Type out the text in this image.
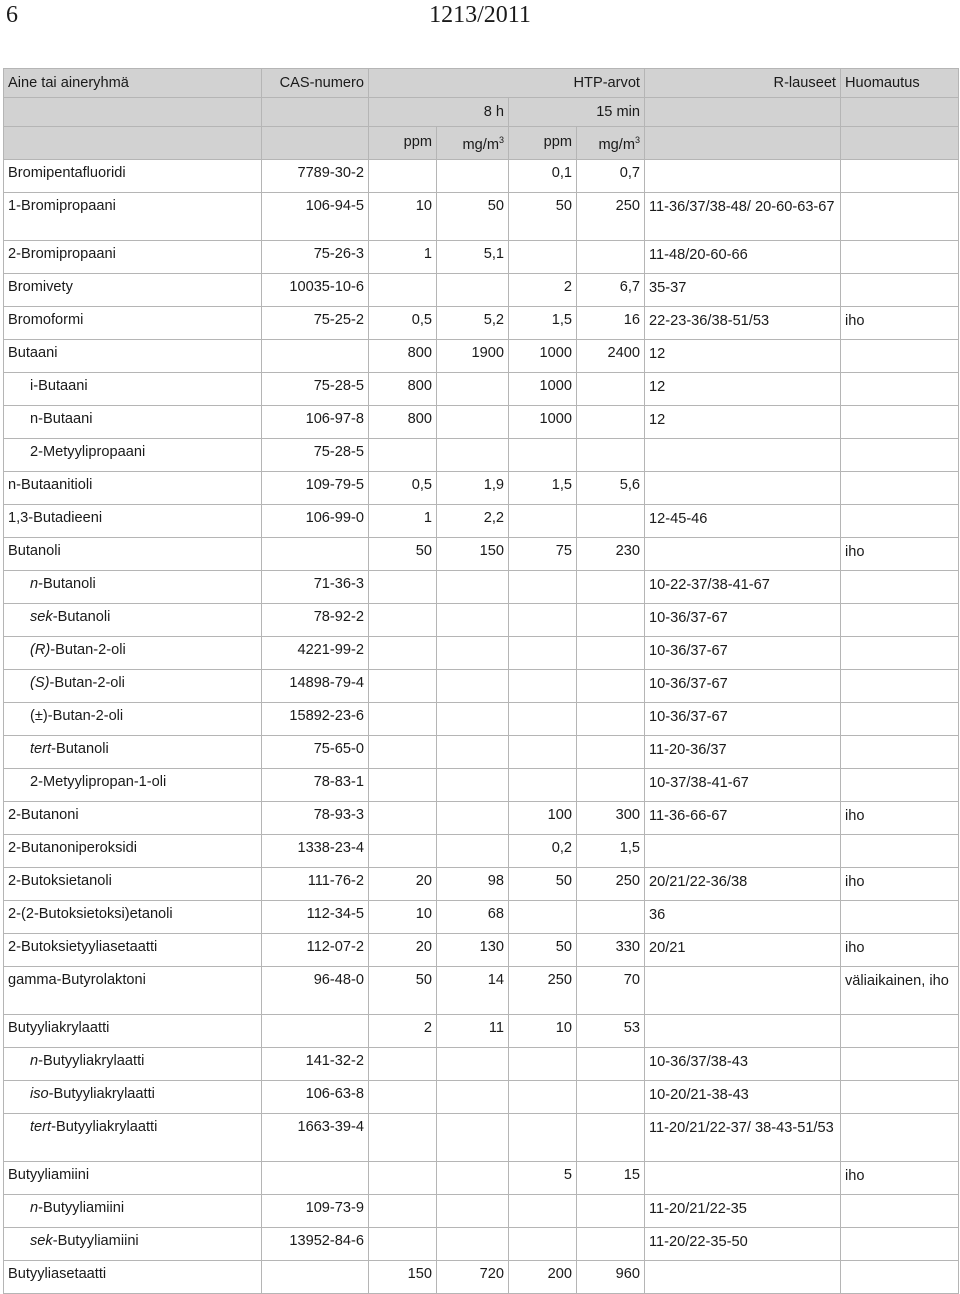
6	1213/2011
Aine tai aineryhmä	CAS-numero	HTP-arvot				R-lauseet	Huomautus
		8 h		15 min			
		ppm	$mg/m^3$	ppm	$mg/m^3$		
Bromipentafluoridi	7789-30-2			0,1	0,7		
1-Bromipropaani	106-94-5	10	50	50	250	11-36/37/38-48/ 20-60-63-67	
2-Bromipropaani	75-26-3	1	5,1			11-48/20-60-66	
Bromivety	10035-10-6			2	6,7	35-37	
Bromoformi	75-25-2	0,5	5,2	1,5	16	22-23-36/38-51/53	iho
Butaani		800	1900	1000	2400	12	
i-Butaani	75-28-5	800		1000		12	
n-Butaani	106-97-8	800		1000		12	
2-Metyylipropaani	75-28-5						
n-Butaanitioli	109-79-5	0,5	1,9	1,5	5,6		
1,3-Butadieeni	106-99-0	1	2,2			12-45-46	
Butanoli		50	150	75	230		iho
n-Butanoli	71-36-3					10-22-37/38-41-67	
sek-Butanoli	78-92-2					10-36/37-67	
(R)-Butan-2-oli	4221-99-2					10-36/37-67	
(S)-Butan-2-oli	14898-79-4					10-36/37-67	
(±)-Butan-2-oli	15892-23-6					10-36/37-67	
tert-Butanoli	75-65-0					11-20-36/37	
2-Metyylipropan-1-oli	78-83-1					10-37/38-41-67	
2-Butanoni	78-93-3			100	300	11-36-66-67	iho
2-Butanoniperoksidi	1338-23-4			0,2	1,5		
2-Butoksietanoli	111-76-2	20	98	50	250	20/21/22-36/38	iho
2-(2-Butoksietoksi)etanoli	112-34-5	10	68			36	
2-Butoksietyyliasetaatti	112-07-2	20	130	50	330	20/21	iho
gamma-Butyrolaktoni	96-48-0	50	14	250	70		väliaikainen, iho
Butyyliakrylaatti		2	11	10	53		
n-Butyyliakrylaatti	141-32-2					10-36/37/38-43	
iso-Butyyliakrylaatti	106-63-8					10-20/21-38-43	
tert-Butyyliakrylaatti	1663-39-4					11-20/21/22-37/ 38-43-51/53	
Butyyliamiini				5	15		iho
n-Butyyliamiini	109-73-9					11-20/21/22-35	
sek-Butyyliamiini	13952-84-6					11-20/22-35-50	
Butyyliasetaatti		150	720	200	960		
